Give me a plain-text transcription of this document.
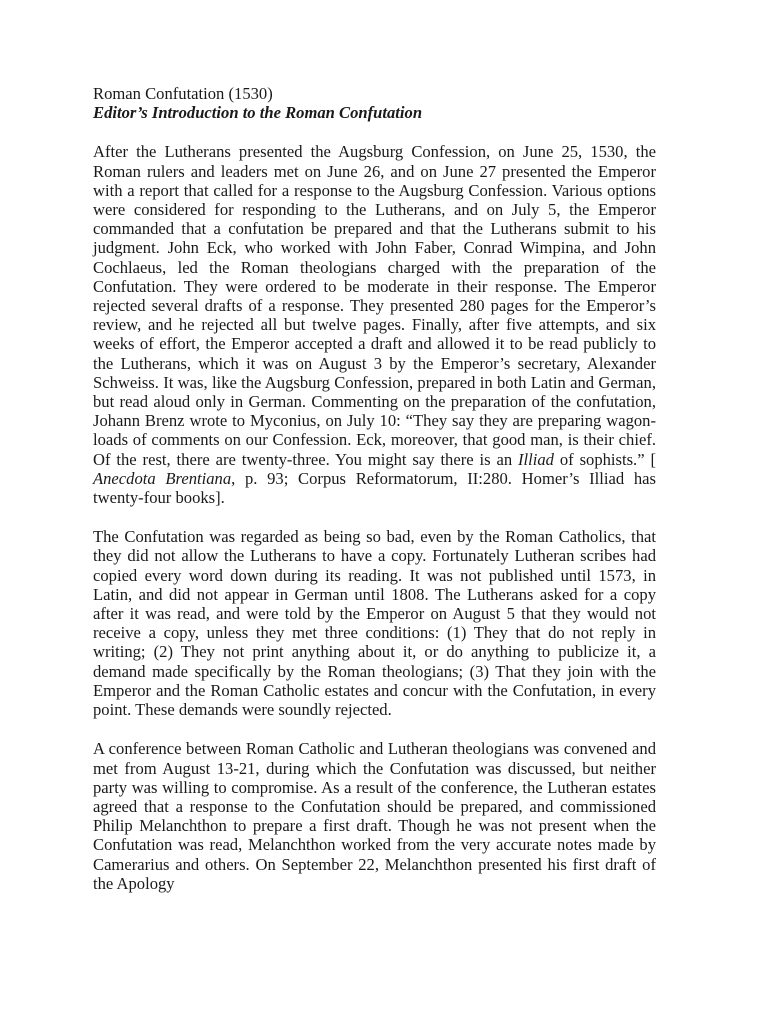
Roman Confutation (1530)

Editor’s Introduction to the Roman Confutation

After the Lutherans presented the Augsburg Confession, on June 25, 1530, the Roman rulers and leaders met on June 26, and on June 27 presented the Emperor with a report that called for a response to the Augsburg Confession. Various options were considered for responding to the Lutherans, and on July 5, the Emperor commanded that a confutation be prepared and that the Lutherans submit to his judgment. John Eck, who worked with John Faber, Conrad Wimpina, and John Cochlaeus, led the Roman theologians charged with the preparation of the Confutation. They were ordered to be moderate in their response. The Emperor rejected several drafts of a response. They presented 280 pages for the Emperor’s review, and he rejected all but twelve pages. Finally, after five attempts, and six weeks of effort, the Emperor accepted a draft and allowed it to be read publicly to the Lutherans, which it was on August 3 by the Emperor’s secretary, Alexander Schweiss. It was, like the Augsburg Confession, prepared in both Latin and German, but read aloud only in German. Commenting on the preparation of the confutation, Johann Brenz wrote to Myconius, on July 10: “They say they are preparing wagon-loads of comments on our Confession. Eck, moreover, that good man, is their chief. Of the rest, there are twenty-three. You might say there is an Illiad of sophists.” [ Anecdota Brentiana, p. 93; Corpus Reformatorum, II:280. Homer’s Illiad has twenty-four books].

The Confutation was regarded as being so bad, even by the Roman Catholics, that they did not allow the Lutherans to have a copy. Fortunately Lutheran scribes had copied every word down during its reading. It was not published until 1573, in Latin, and did not appear in German until 1808. The Lutherans asked for a copy after it was read, and were told by the Emperor on August 5 that they would not receive a copy, unless they met three conditions: (1) They that do not reply in writing; (2) They not print anything about it, or do anything to publicize it, a demand made specifically by the Roman theologians; (3) That they join with the Emperor and the Roman Catholic estates and concur with the Confutation, in every point. These demands were soundly rejected.

A conference between Roman Catholic and Lutheran theologians was convened and met from August 13-21, during which the Confutation was discussed, but neither party was willing to compromise. As a result of the conference, the Lutheran estates agreed that a response to the Confutation should be prepared, and commissioned Philip Melanchthon to prepare a first draft. Though he was not present when the Confutation was read, Melanchthon worked from the very accurate notes made by Camerarius and others. On September 22, Melanchthon presented his first draft of the Apology
